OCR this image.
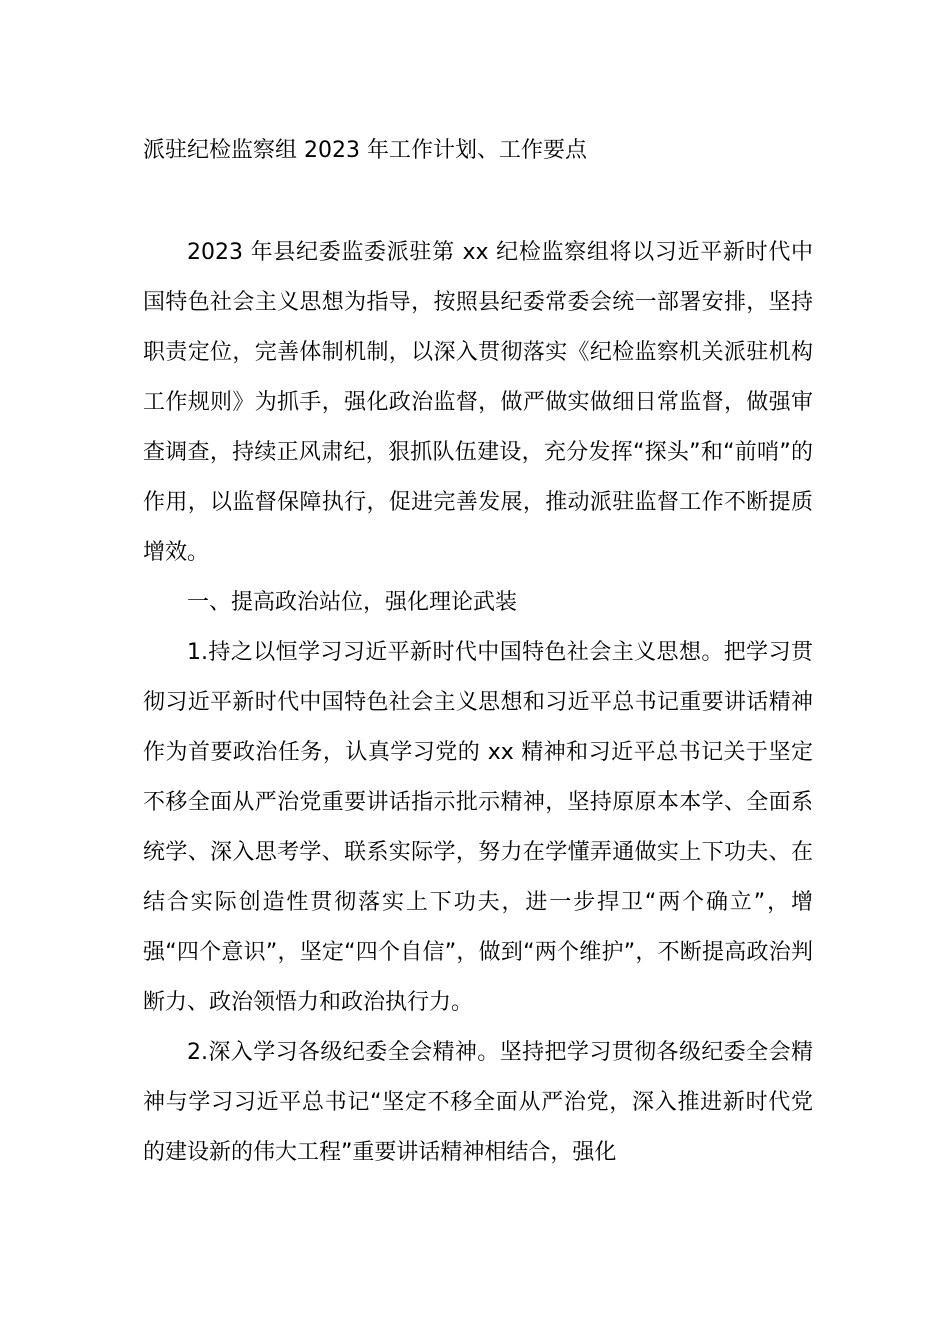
派驻纪检监察组 2023 年工作计划、工作要点

2023 年县纪委监委派驻第 xx 纪检监察组将以习近平新时代中国特色社会主义思想为指导，按照县纪委常委会统一部署安排，坚持职责定位，完善体制机制，以深入贯彻落实《纪检监察机关派驻机构工作规则》为抓手，强化政治监督，做严做实做细日常监督，做强审查调查，持续正风肃纪，狠抓队伍建设，充分发挥“探头”和“前哨”的作用，以监督保障执行，促进完善发展，推动派驻监督工作不断提质增效。

一、提高政治站位，强化理论武装

1.持之以恒学习习近平新时代中国特色社会主义思想。把学习贯彻习近平新时代中国特色社会主义思想和习近平总书记重要讲话精神作为首要政治任务，认真学习党的 xx 精神和习近平总书记关于坚定不移全面从严治党重要讲话指示批示精神，坚持原原本本学、全面系统学、深入思考学、联系实际学，努力在学懂弄通做实上下功夫、在结合实际创造性贯彻落实上下功夫，进一步捍卫“两个确立”，增强“四个意识”，坚定“四个自信”，做到“两个维护”，不断提高政治判断力、政治领悟力和政治执行力。

2.深入学习各级纪委全会精神。坚持把学习贯彻各级纪委全会精神与学习习近平总书记“坚定不移全面从严治党，深入推进新时代党的建设新的伟大工程”重要讲话精神相结合，强化
